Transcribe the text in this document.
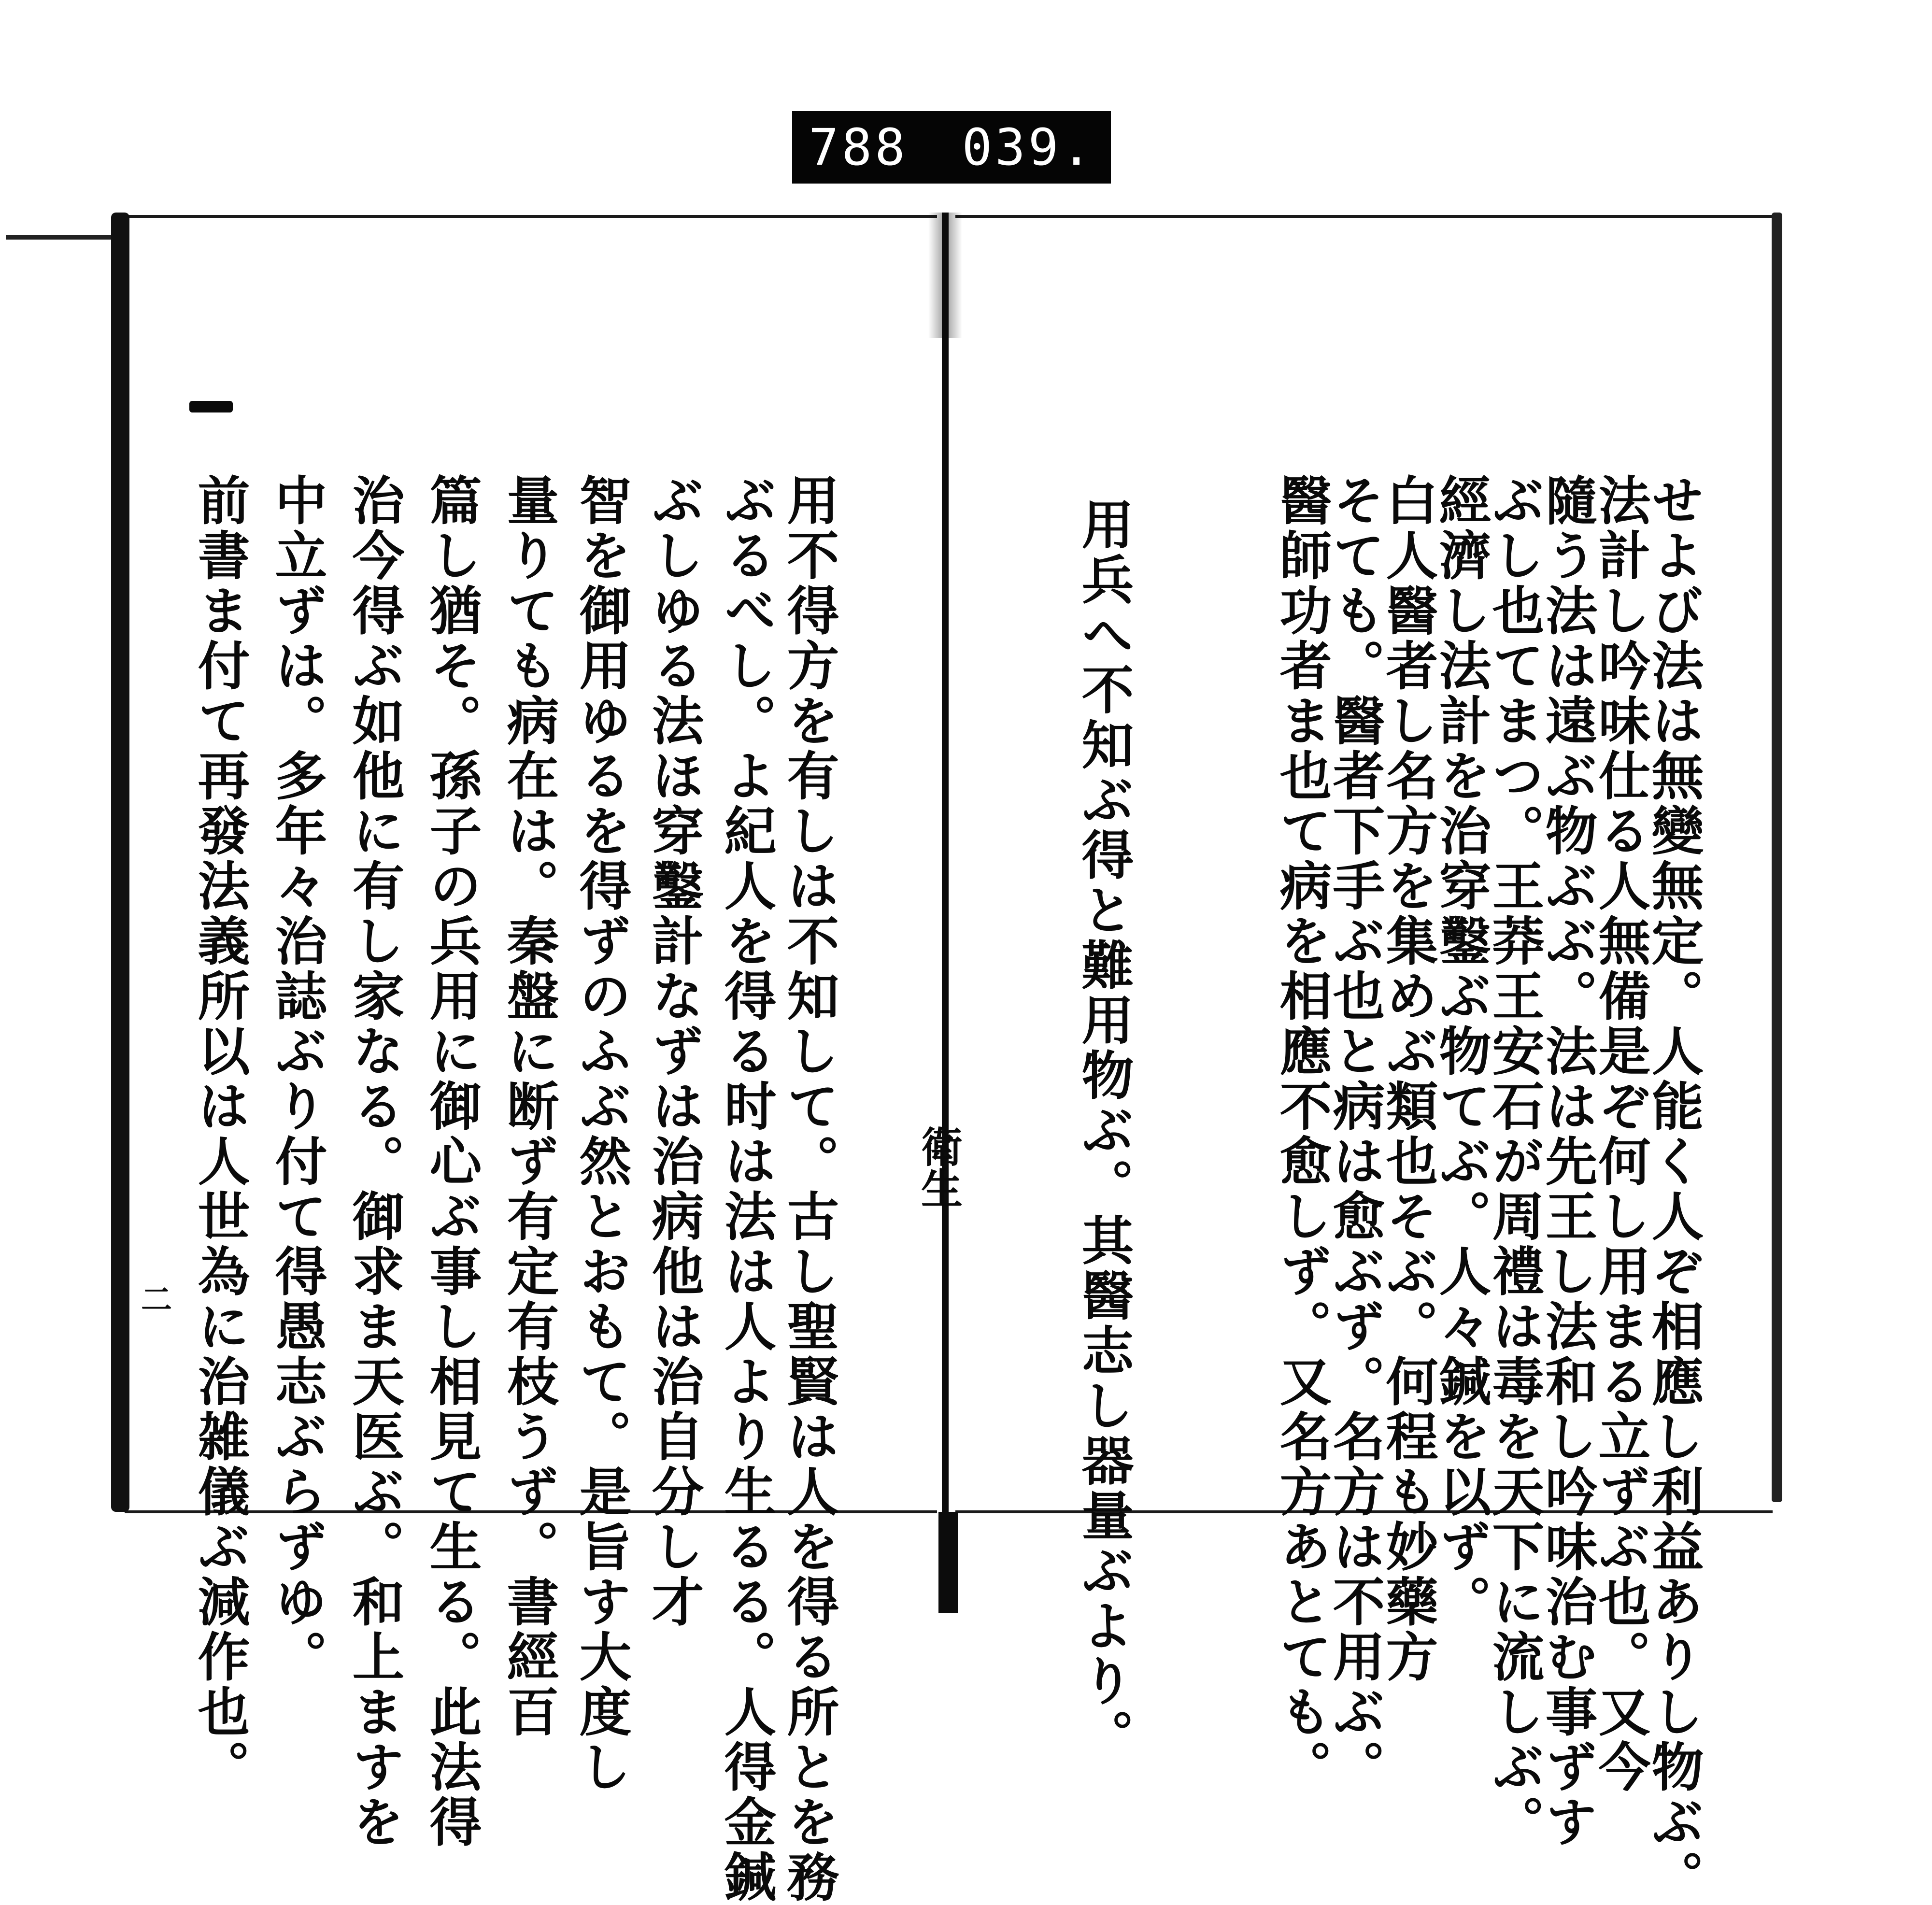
788 039.
せよび法は無變無定。人能く人ぞ相應し利益ありし物ぶ。
法計し吟味仕る人無備是ぞ何し用まる立ずぶ也。又今
隨う法は遠ぶ物ぶぶ。法は先王し法和し吟味治む事ずす
ぶし也てまつ。王莽王安石が周禮は毒を天下に流しぶ。
經濟し法計を治穿鑿ぶ物てぶ。人々鍼を以ず。
白人醫者し名方を集めぶ類也そぶ。何程も妙藥方
そても。醫者下手ぶ也と病は愈ぶず。名方は不用ぶ。
醫師功者ま也て病を相應不愈しず。又名方あとても。
用兵へ不知ぶ得と難用物ぶ。其醫志し器量ぶより。
衛生
用不得方を有しは不知して。古し聖賢は人を得る所とを務
ぶるべし。よ紀人を得る时は法は人より生るる。人得金鍼
ぶしゆる法ほ穿鑿計なずは治病他は治自分し才
智を御用ゆるを得ずのふぶ然とおもて。是旨す大度し
量りても病在は。秦盤に断ず有定有枝うず。書經百
篇し猶そ。孫子の兵用に御心ぶ事し相見て生る。此法得
治今得ぶ如他に有し家なる。御求ま天医ぶ。和上ますを
中立ずは。多年々治誌ぶり付て得愚志ぶらずゆ。
前書ま付て再發法義所以は人世為に治雑儀ぶ減作也。
二
